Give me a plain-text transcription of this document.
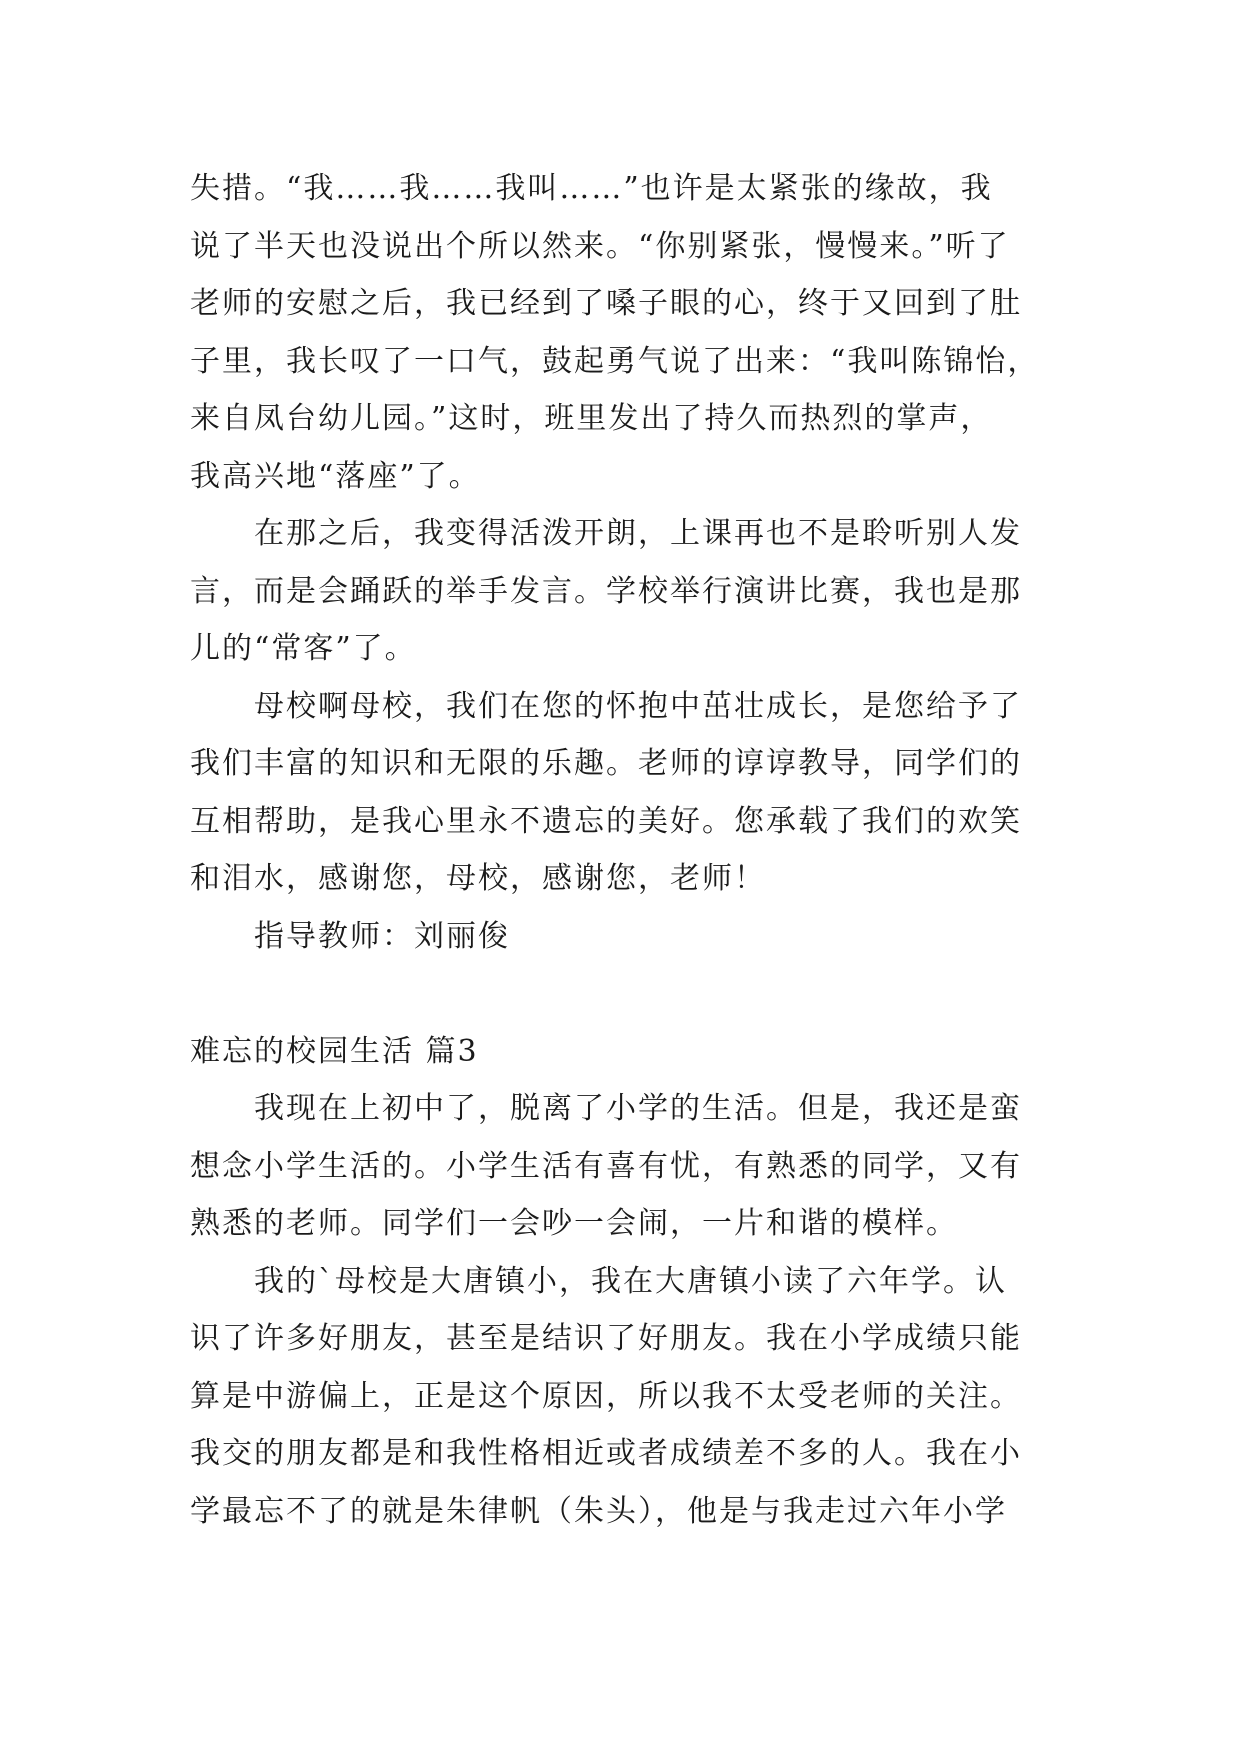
失措。“我……我……我叫……”也许是太紧张的缘故，我
说了半天也没说出个所以然来。“你别紧张，慢慢来。”听了
老师的安慰之后，我已经到了嗓子眼的心，终于又回到了肚
子里，我长叹了一口气，鼓起勇气说了出来：“我叫陈锦怡，
来自凤台幼儿园。”这时，班里发出了持久而热烈的掌声，
我高兴地“落座”了。
在那之后，我变得活泼开朗，上课再也不是聆听别人发
言，而是会踊跃的举手发言。学校举行演讲比赛，我也是那
儿的“常客”了。
母校啊母校，我们在您的怀抱中茁壮成长，是您给予了
我们丰富的知识和无限的乐趣。老师的谆谆教导，同学们的
互相帮助，是我心里永不遗忘的美好。您承载了我们的欢笑
和泪水，感谢您，母校，感谢您，老师！
指导教师：刘丽俊
难忘的校园生活 篇3
我现在上初中了，脱离了小学的生活。但是，我还是蛮
想念小学生活的。小学生活有喜有忧，有熟悉的同学，又有
熟悉的老师。同学们一会吵一会闹，一片和谐的模样。
我的`母校是大唐镇小，我在大唐镇小读了六年学。认
识了许多好朋友，甚至是结识了好朋友。我在小学成绩只能
算是中游偏上，正是这个原因，所以我不太受老师的关注。
我交的朋友都是和我性格相近或者成绩差不多的人。我在小
学最忘不了的就是朱律帆（朱头），他是与我走过六年小学
